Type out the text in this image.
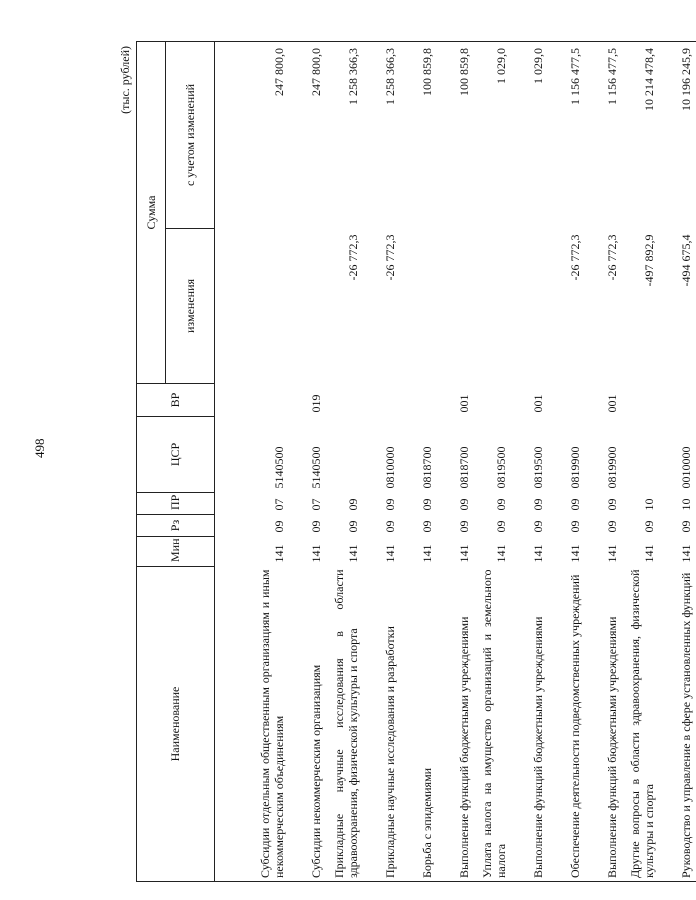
498
(тыс. рублей)
Наименование	Мин	Рз	ПР	ЦСР	ВР	Сумма	
						изменения	с учетом изменений

Субсидии отдельным общественным организациям и иным некоммерческим объединениям	141	09	07	5140500			247 800,0
Субсидии некоммерческим организациям	141	09	07	5140500	019		247 800,0
Прикладные научные исследования в области здравоохранения, физической культуры и спорта	141	09	09			-26 772,3	1 258 366,3
Прикладные научные исследования и разработки	141	09	09	0810000		-26 772,3	1 258 366,3
Борьба с эпидемиями	141	09	09	0818700			100 859,8
Выполнение функций бюджетными учреждениями	141	09	09	0818700	001		100 859,8
Уплата налога на имущество организаций и земельного налога	141	09	09	0819500			1 029,0
Выполнение функций бюджетными учреждениями	141	09	09	0819500	001		1 029,0
Обеспечение деятельности подведомственных учреждений	141	09	09	0819900		-26 772,3	1 156 477,5
Выполнение функций бюджетными учреждениями	141	09	09	0819900	001	-26 772,3	1 156 477,5
Другие вопросы в области здравоохранения, физической культуры и спорта	141	09	10			-497 892,9	10 214 478,4
Руководство и управление в сфере установленных функций	141	09	10	0010000		-494 675,4	10 196 245,9
